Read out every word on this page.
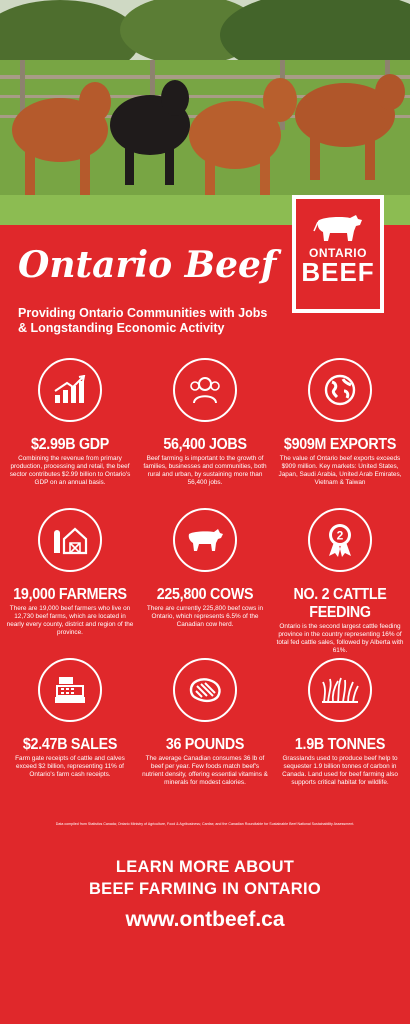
ONTARIO
BEEF
Ontario Beef
Providing Ontario Communities with Jobs & Longstanding Economic Activity
$2.99B GDP
Combining the revenue from primary production, processing and retail, the beef sector contributes $2.99 billion to Ontario's GDP on an annual basis.
56,400 JOBS
Beef farming is important to the growth of families, businesses and communities, both rural and urban, by sustaining more than 56,400 jobs.
$909M EXPORTS
The value of Ontario beef exports exceeds $909 million. Key markets: United States, Japan, Saudi Arabia, United Arab Emirates, Vietnam & Taiwan
19,000 FARMERS
There are 19,000 beef farmers who live on 12,730 beef farms, which are located in nearly every county, district and region of the province.
225,800 COWS
There are currently 225,800 beef cows in Ontario, which represents 6.5% of the Canadian cow herd.
2
NO. 2 CATTLE FEEDING
Ontario is the second largest cattle feeding province in the country representing 16% of total fed cattle sales, followed by Alberta with 61%.
$2.47B SALES
Farm gate receipts of cattle and calves exceed $2 billion, representing 11% of Ontario's farm cash receipts.
36 POUNDS
The average Canadian consumes 36 lb of beef per year. Few foods match beef's nutrient density, offering essential vitamins & minerals for modest calories.
1.9B TONNES
Grasslands used to produce beef help to sequester 1.9 billion tonnes of carbon in Canada. Land used for beef farming also supports critical habitat for wildlife.
Data compiled from Statistics Canada; Ontario Ministry of Agriculture, Food & Agribusiness; Canfax; and the Canadian Roundtable for Sustainable Beef National Sustainability Assessment.
LEARN MORE ABOUT
BEEF FARMING IN ONTARIO
www.ontbeef.ca
